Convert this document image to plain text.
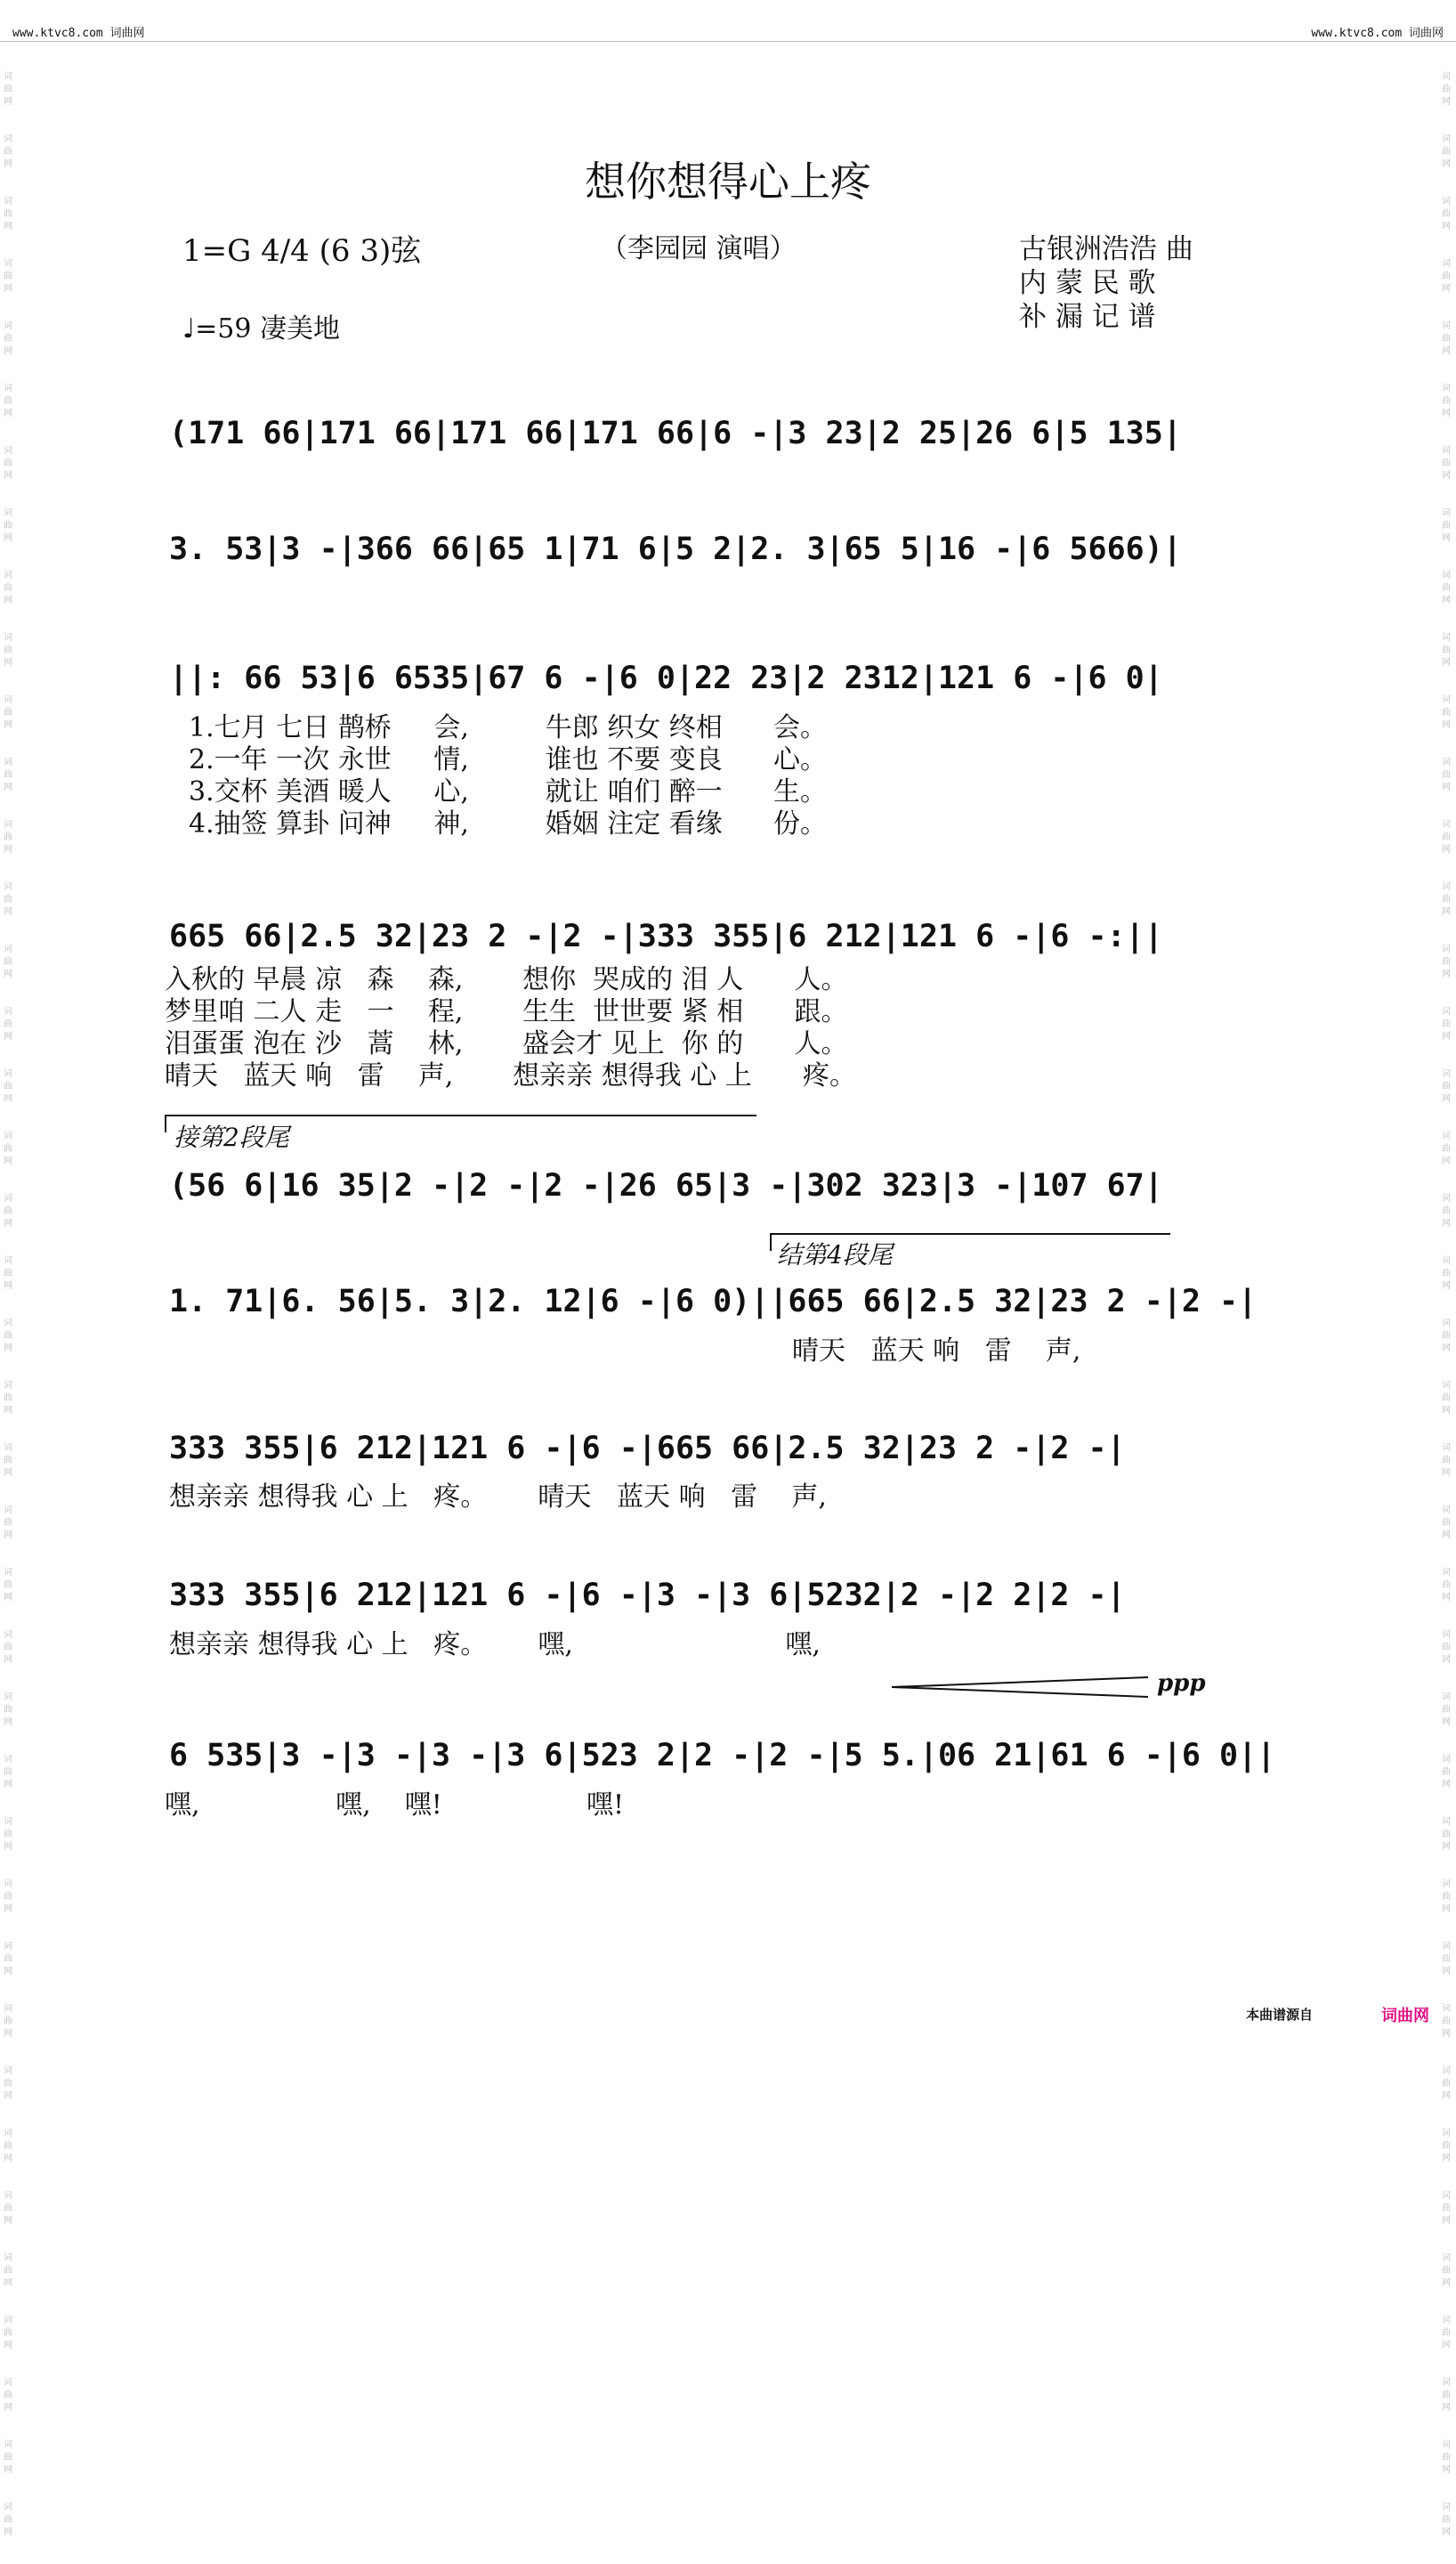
www.ktvc8.com 词曲网	www.ktvc8.com 词曲网
词
曲
网

词
曲
网

词
曲
网

词
曲
网

词
曲
网

词
曲
网

词
曲
网

词
曲
网

词
曲
网

词
曲
网

词
曲
网

词
曲
网

词
曲
网

词
曲
网

词
曲
网

词
曲
网

词
曲
网

词
曲
网

词
曲
网

词
曲
网

词
曲
网

词
曲
网

词
曲
网

词
曲
网

词
曲
网

词
曲
网

词
曲
网

词
曲
网

词
曲
网

词
曲
网

词
曲
网

词
曲
网

词
曲
网

词
曲
网

词
曲
网

词
曲
网

词
曲
网

词
曲
网

词
曲
网

词
曲
网

词
曲
网

词
曲
网

词
曲
网

词
曲
网

词
曲
网

词
曲
网

词
曲
网

词
曲
网

词
曲
网

词
曲
网

词
曲
网

词
曲
网

词
曲
网

词
曲
网

词
曲
网

词
曲
网

词
曲
网

词
曲
网

词
曲
网

词
曲
网

词
曲
网

词
曲
网

词
曲
网

词
曲
网

词
曲
网

词
曲
网

词
曲
网

词
曲
网

词
曲
网

词
曲
网

词
曲
网

词
曲
网

词
曲
网

词
曲
网

词
曲
网

词
曲
网

词
曲
网

词
曲
网

词
曲
网

词
曲
网

想你想得心上疼
1=G 4/4 (6 3)弦
♩=59 凄美地
（李园园 演唱）	古银洲浩浩 曲
内 蒙 民 歌
补 漏 记 谱
(171 66|171 66|171 66|171 66|6 -|3 23|2 25|26 6|5 135|
3. 53|3 -|366 66|65 1|71 6|5 2|2. 3|65 5|16 -|6 5666)|
||: 66 53|6 6535|67 6 -|6 0|22 23|2 2312|121 6 -|6 0|
1.七月 七日 鹊桥     会,         牛郎 织女 终相      会。
2.一年 一次 永世     情,         谁也 不要 变良      心。
3.交杯 美酒 暖人     心,         就让 咱们 醉一      生。
4.抽签 算卦 问神     神,         婚姻 注定 看缘      份。
665 66|2.5 32|23 2 -|2 -|333 355|6 212|121 6 -|6 -:||
入秋的 早晨 凉   森    森,       想你  哭成的 泪 人      人。
梦里咱 二人 走   一    程,       生生  世世要 紧 相      跟。
泪蛋蛋 泡在 沙   蒿    林,       盛会才 见上  你 的      人。
晴天   蓝天 响   雷    声,       想亲亲 想得我 心 上      疼。
接第2段尾
(56 6|16 35|2 -|2 -|2 -|26 65|3 -|302 323|3 -|107 67|
结第4段尾
1. 71|6. 56|5. 3|2. 12|6 -|6 0)||665 66|2.5 32|23 2 -|2 -|
晴天   蓝天 响   雷    声,
333 355|6 212|121 6 -|6 -|665 66|2.5 32|23 2 -|2 -|
想亲亲 想得我 心 上   疼。      晴天   蓝天 响   雷    声,
333 355|6 212|121 6 -|6 -|3 -|3 6|5232|2 -|2 2|2 -|
想亲亲 想得我 心 上   疼。      嘿,                         嘿,
ppp
6 535|3 -|3 -|3 -|3 6|523 2|2 -|2 -|5 5.|06 21|61 6 -|6 0||
嘿,                嘿,    嘿!                 嘿!
本曲谱源自	词曲网
